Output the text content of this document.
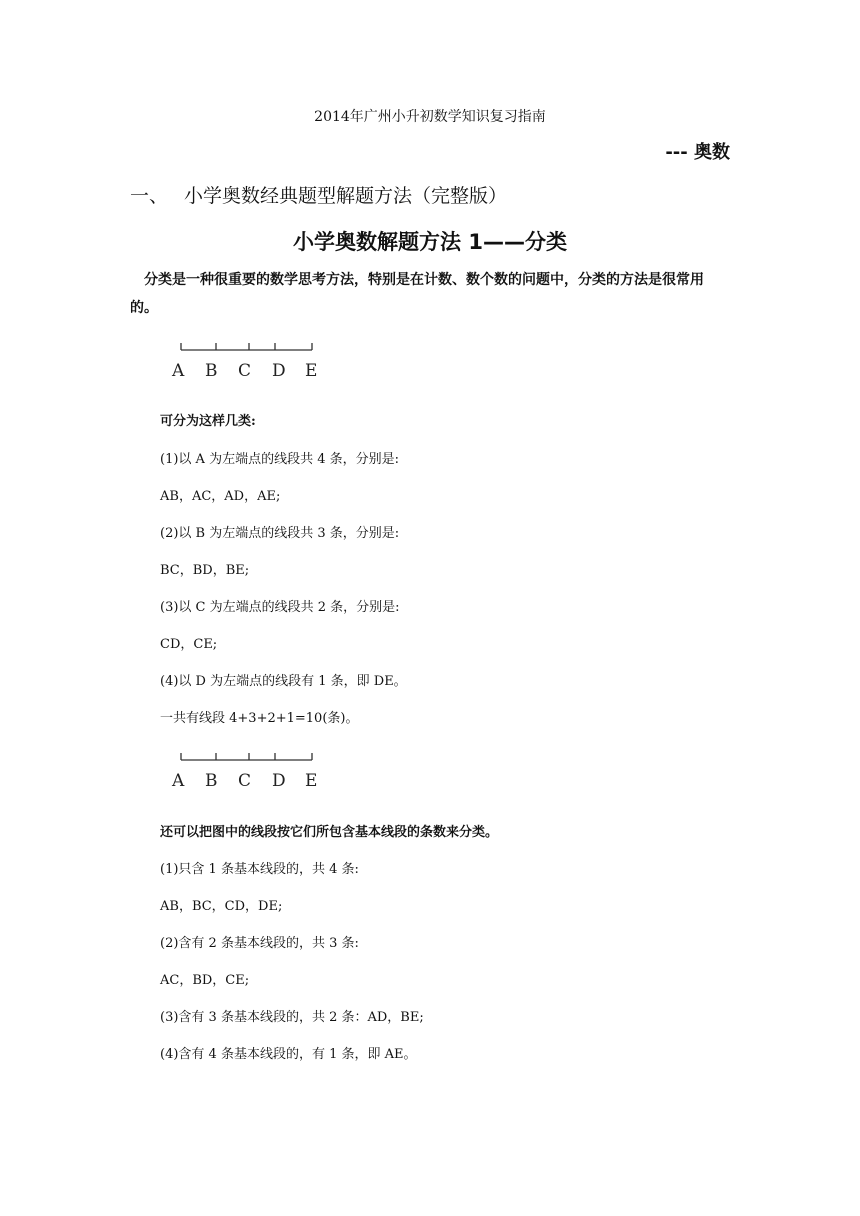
2014年广州小升初数学知识复习指南
--- 奥数
一、 小学奥数经典题型解题方法（完整版）
小学奥数解题方法 1——分类
分类是一种很重要的数学思考方法，特别是在计数、数个数的问题中，分类的方法是很常用的。
A B C D E
可分为这样几类:
(1)以 A 为左端点的线段共 4 条，分别是:
AB，AC，AD，AE;
(2)以 B 为左端点的线段共 3 条，分别是:
BC，BD，BE;
(3)以 C 为左端点的线段共 2 条，分别是:
CD，CE;
(4)以 D 为左端点的线段有 1 条，即 DE。
一共有线段 4+3+2+1=10(条)。
A B C D E
还可以把图中的线段按它们所包含基本线段的条数来分类。
(1)只含 1 条基本线段的，共 4 条:
AB，BC，CD，DE;
(2)含有 2 条基本线段的，共 3 条:
AC，BD，CE;
(3)含有 3 条基本线段的，共 2 条：AD，BE;
(4)含有 4 条基本线段的，有 1 条，即 AE。
